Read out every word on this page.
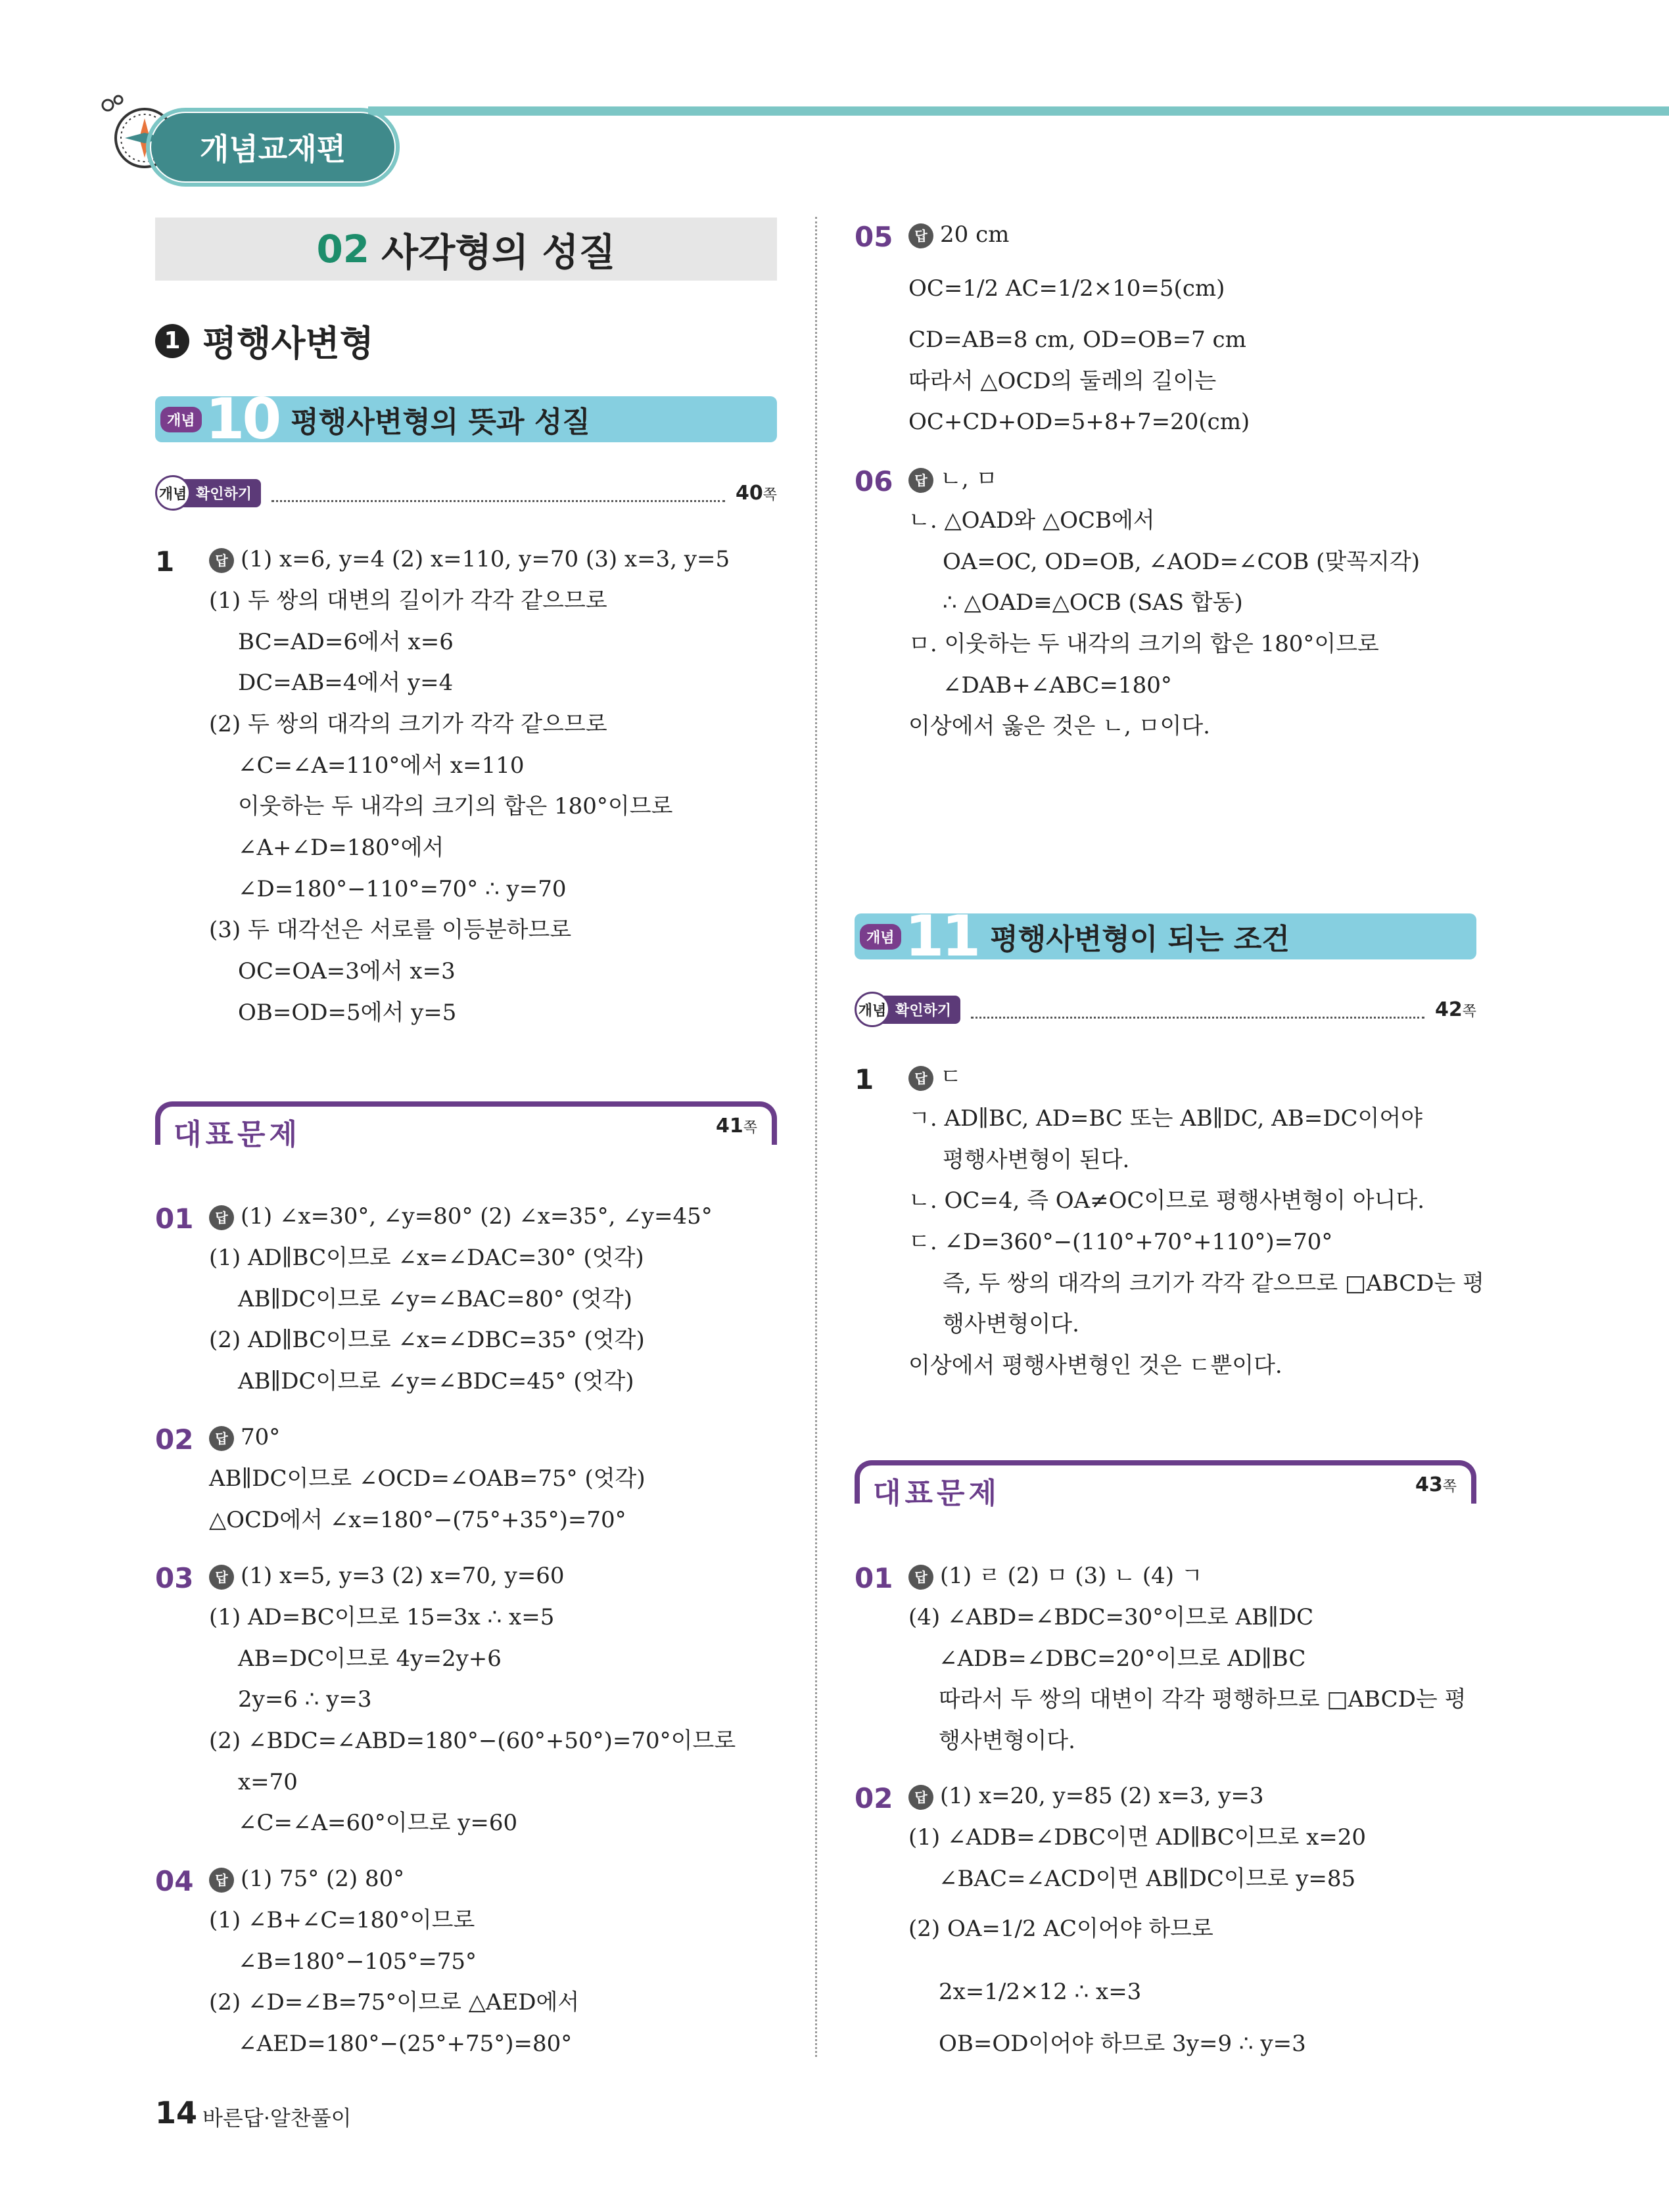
개념교재편
02 사각형의 성질
1 평행사변형
개념 10 평행사변형의 뜻과 성질
개념 확인하기	40쪽
1	답 (1) x=6, y=4 (2) x=110, y=70 (3) x=3, y=5
(1) 두 쌍의 대변의 길이가 각각 같으므로
BC=AD=6에서 x=6
DC=AB=4에서 y=4
(2) 두 쌍의 대각의 크기가 각각 같으므로
∠C=∠A=110°에서 x=110
이웃하는 두 내각의 크기의 합은 180°이므로
∠A+∠D=180°에서
∠D=180°−110°=70° ∴ y=70
(3) 두 대각선은 서로를 이등분하므로
OC=OA=3에서 x=3
OB=OD=5에서 y=5
대표문제	41쪽
01	답 (1) ∠x=30°, ∠y=80° (2) ∠x=35°, ∠y=45°
(1) AD∥BC이므로 ∠x=∠DAC=30° (엇각)
AB∥DC이므로 ∠y=∠BAC=80° (엇각)
(2) AD∥BC이므로 ∠x=∠DBC=35° (엇각)
AB∥DC이므로 ∠y=∠BDC=45° (엇각)
02	답 70°
AB∥DC이므로 ∠OCD=∠OAB=75° (엇각)
△OCD에서 ∠x=180°−(75°+35°)=70°
03	답 (1) x=5, y=3 (2) x=70, y=60
(1) AD=BC이므로 15=3x ∴ x=5
AB=DC이므로 4y=2y+6
2y=6 ∴ y=3
(2) ∠BDC=∠ABD=180°−(60°+50°)=70°이므로
x=70
∠C=∠A=60°이므로 y=60
04	답 (1) 75° (2) 80°
(1) ∠B+∠C=180°이므로
∠B=180°−105°=75°
(2) ∠D=∠B=75°이므로 △AED에서
∠AED=180°−(25°+75°)=80°
05	답 20 cm
OC=1/2 AC=1/2×10=5(cm)
CD=AB=8 cm, OD=OB=7 cm
따라서 △OCD의 둘레의 길이는
OC+CD+OD=5+8+7=20(cm)
06	답 ㄴ, ㅁ
ㄴ. △OAD와 △OCB에서
OA=OC, OD=OB, ∠AOD=∠COB (맞꼭지각)
∴ △OAD≡△OCB (SAS 합동)
ㅁ. 이웃하는 두 내각의 크기의 합은 180°이므로
∠DAB+∠ABC=180°
이상에서 옳은 것은 ㄴ, ㅁ이다.
개념 11 평행사변형이 되는 조건
개념 확인하기	42쪽
1	답 ㄷ
ㄱ. AD∥BC, AD=BC 또는 AB∥DC, AB=DC이어야
평행사변형이 된다.
ㄴ. OC=4, 즉 OA≠OC이므로 평행사변형이 아니다.
ㄷ. ∠D=360°−(110°+70°+110°)=70°
즉, 두 쌍의 대각의 크기가 각각 같으므로 □ABCD는 평
행사변형이다.
이상에서 평행사변형인 것은 ㄷ뿐이다.
대표문제	43쪽
01	답 (1) ㄹ (2) ㅁ (3) ㄴ (4) ㄱ
(4) ∠ABD=∠BDC=30°이므로 AB∥DC
∠ADB=∠DBC=20°이므로 AD∥BC
따라서 두 쌍의 대변이 각각 평행하므로 □ABCD는 평
행사변형이다.
02	답 (1) x=20, y=85 (2) x=3, y=3
(1) ∠ADB=∠DBC이면 AD∥BC이므로 x=20
∠BAC=∠ACD이면 AB∥DC이므로 y=85
(2) OA=1/2 AC이어야 하므로
2x=1/2×12 ∴ x=3
OB=OD이어야 하므로 3y=9 ∴ y=3
14 바른답·알찬풀이
